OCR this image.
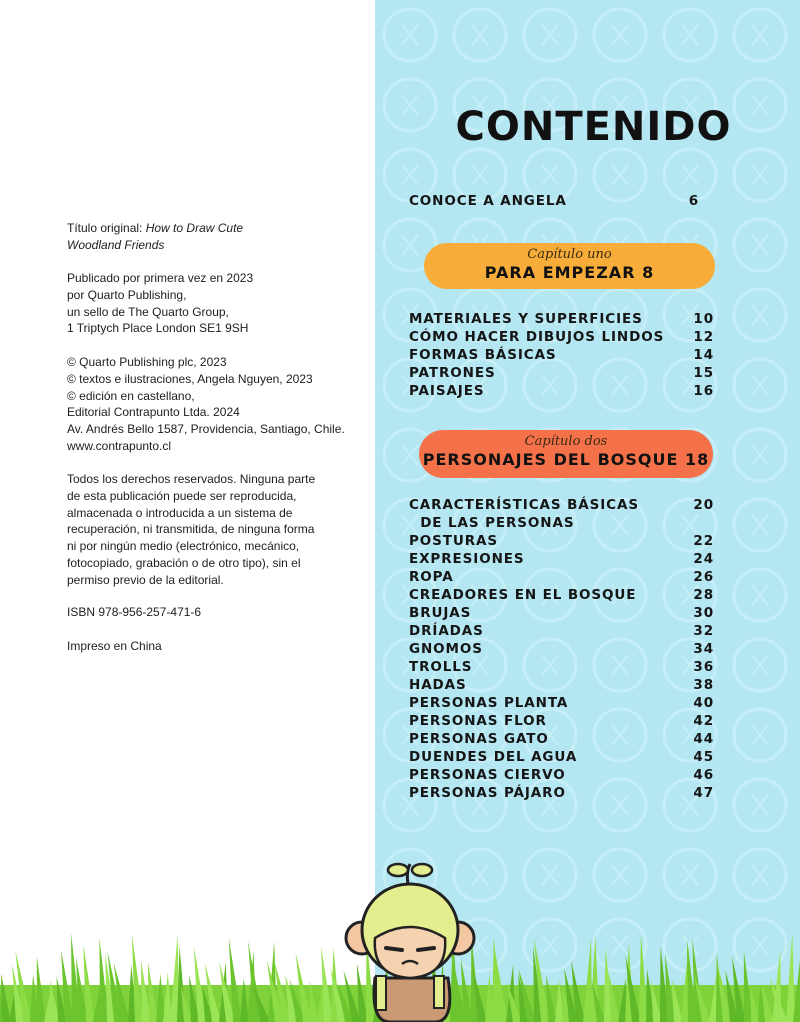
Título original: How to Draw Cute
Woodland Friends
Publicado por primera vez en 2023
por Quarto Publishing,
un sello de The Quarto Group,
1 Triptych Place London SE1 9SH
© Quarto Publishing plc, 2023
© textos e ilustraciones, Angela Nguyen, 2023
© edición en castellano,
Editorial Contrapunto Ltda. 2024
Av. Andrés Bello 1587, Providencia, Santiago, Chile.
www.contrapunto.cl
Todos los derechos reservados. Ninguna parte
de esta publicación puede ser reproducida,
almacenada o introducida a un sistema de
recuperación, ni transmitida, de ninguna forma
ni por ningún medio (electrónico, mecánico,
fotocopiado, grabación o de otro tipo), sin el
permiso previo de la editorial.
ISBN 978-956-257-471-6
Impreso en China
CONTENIDO
CONOCE A ANGELA	6
Capítulo uno
PARA EMPEZAR 8
MATERIALES Y SUPERFICIES	10
CÓMO HACER DIBUJOS LINDOS 12
FORMAS BÁSICAS	14
PATRONES	15
PAISAJES	16
Capítulo dos
PERSONAJES DEL BOSQUE 18
CARACTERÍSTICAS BÁSICAS	20
DE LAS PERSONAS
POSTURAS	22
EXPRESIONES	24
ROPA	26
CREADORES EN EL BOSQUE	28
BRUJAS	30
DRÍADAS	32
GNOMOS	34
TROLLS	36
HADAS	38
PERSONAS PLANTA	40
PERSONAS FLOR	42
PERSONAS GATO	44
DUENDES DEL AGUA	45
PERSONAS CIERVO	46
PERSONAS PÁJARO	47
